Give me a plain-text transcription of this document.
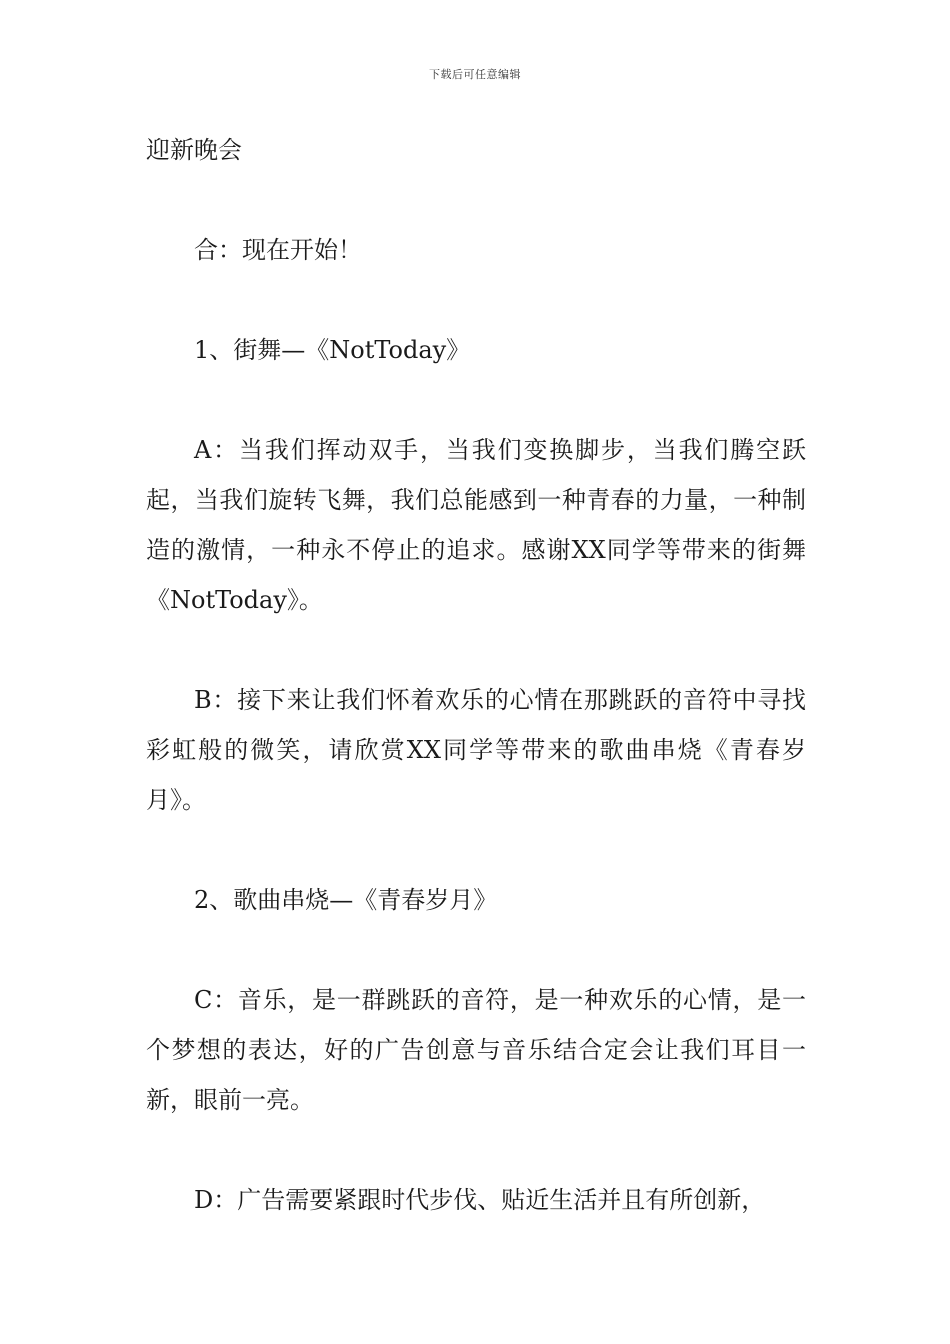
下载后可任意编辑
迎新晚会

合：现在开始！

1、街舞—《NotToday》

A：当我们挥动双手，当我们变换脚步，当我们腾空跃起，当我们旋转飞舞，我们总能感到一种青春的力量，一种制造的激情，一种永不停止的追求。感谢XX同学等带来的街舞《NotToday》。

B：接下来让我们怀着欢乐的心情在那跳跃的音符中寻找彩虹般的微笑，请欣赏XX同学等带来的歌曲串烧《青春岁月》。

2、歌曲串烧—《青春岁月》

C：音乐，是一群跳跃的音符，是一种欢乐的心情，是一个梦想的表达，好的广告创意与音乐结合定会让我们耳目一新，眼前一亮。

D：广告需要紧跟时代步伐、贴近生活并且有所创新，
